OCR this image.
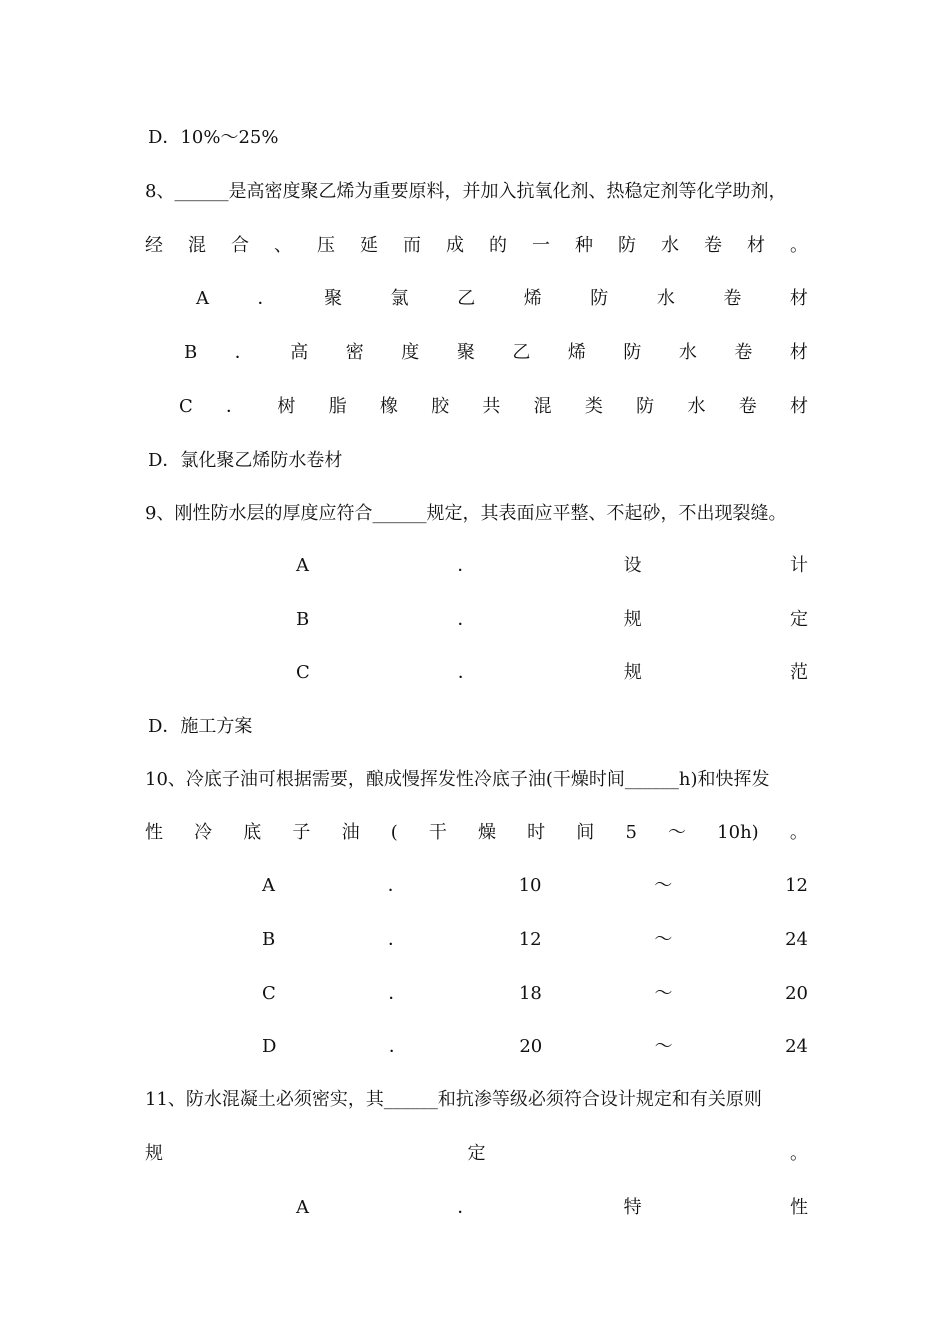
D．10%～25%
8、______是高密度聚乙烯为重要原料，并加入抗氧化剂、热稳定剂等化学助剂，
经 混 合 、 压 延 而 成 的 一 种 防 水 卷 材 。
A	．	聚	氯	乙	烯	防	水	卷	材
B ． 高 密 度 聚 乙 烯 防 水 卷 材
C ． 树 脂 橡 胶 共 混 类 防 水 卷 材
D．氯化聚乙烯防水卷材
9、刚性防水层的厚度应符合______规定，其表面应平整、不起砂，不出现裂缝。
A	．	设	计
B	．	规	定
C	．	规	范
D．施工方案
10、冷底子油可根据需要，酿成慢挥发性冷底子油(干燥时间______h)和快挥发
性 冷 底 子 油 ( 干 燥 时 间 5 ～ 10h) 。
A	．	10	～	12
B	．	12	～	24
C	．	18	～	20
D	．	20	～	24
11、防水混凝土必须密实，其______和抗渗等级必须符合设计规定和有关原则
规	定	。
A	．	特	性
